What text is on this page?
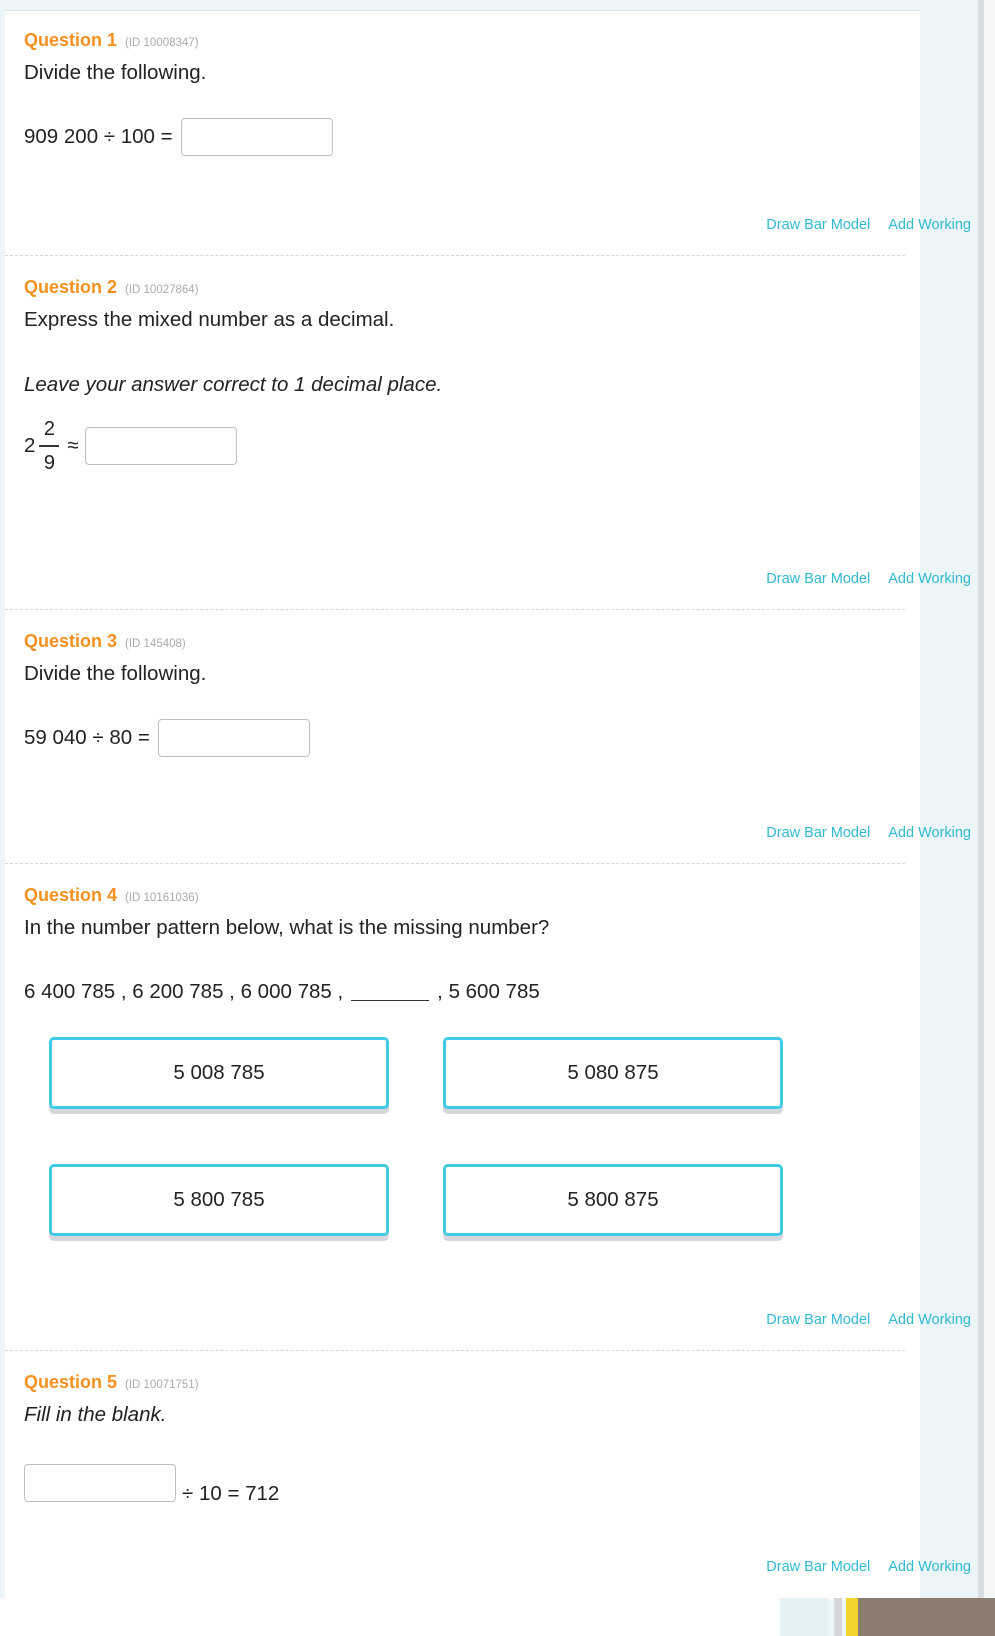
Question 1 (ID 10008347)
Divide the following.
909 200 ÷ 100 =
Draw Bar Model Add Working
Question 2 (ID 10027864)
Express the mixed number as a decimal.
Leave your answer correct to 1 decimal place.
$2 \frac{2}{9}$ ≈
Draw Bar Model Add Working
Question 3 (ID 145408)
Divide the following.
59 040 ÷ 80 =
Draw Bar Model Add Working
Question 4 (ID 10161036)
In the number pattern below, what is the missing number?
6 400 785 , 6 200 785 , 6 000 785 ,	, 5 600 785
5 008 785	5 080 875
5 800 785	5 800 875
Draw Bar Model Add Working
Question 5 (ID 10071751)
Fill in the blank.
÷ 10 = 712
Draw Bar Model Add Working
